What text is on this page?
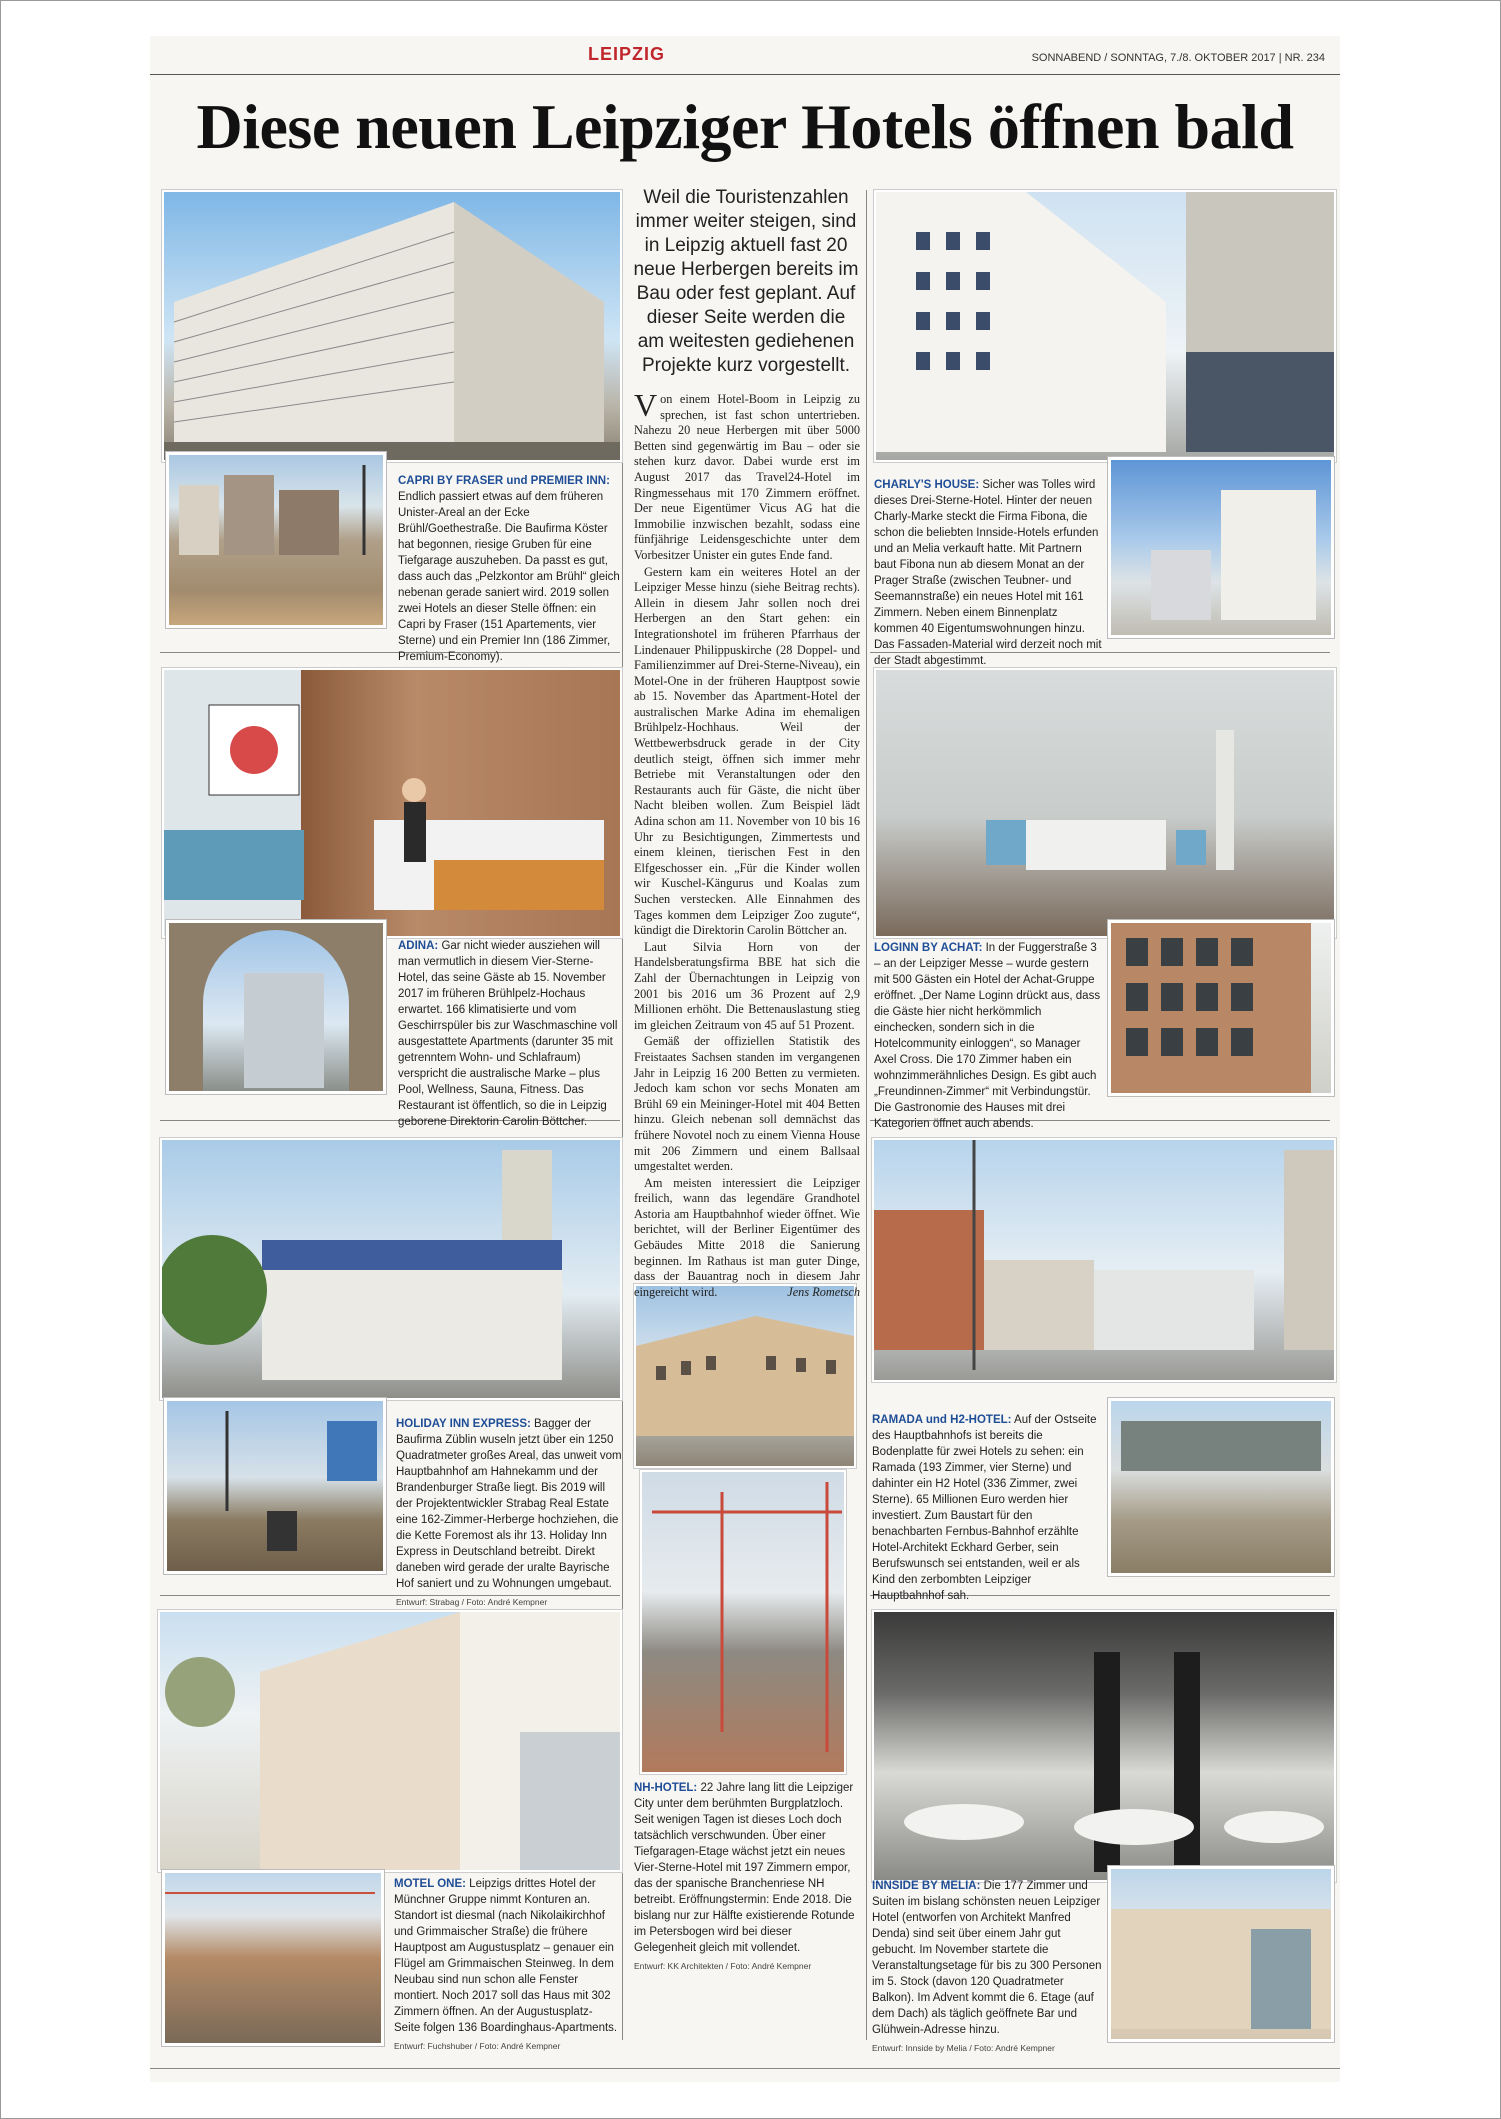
LEIPZIG	SONNABEND / SONNTAG, 7./8. OKTOBER 2017 | NR. 234
Diese neuen Leipziger Hotels öffnen bald
CAPRI BY FRASER und PREMIER INN: Endlich passiert etwas auf dem früheren Unister-Areal an der Ecke Brühl/Goethestraße. Die Baufirma Köster hat begonnen, riesige Gruben für eine Tiefgarage auszuheben. Da passt es gut, dass auch das „Pelzkontor am Brühl“ gleich nebenan gerade saniert wird. 2019 sollen zwei Hotels an dieser Stelle öffnen: ein Capri by Fraser (151 Apartements, vier Sterne) und ein Premier Inn (186 Zimmer, Premium-Economy).
CHARLY'S HOUSE: Sicher was Tolles wird dieses Drei-Sterne-Hotel. Hinter der neuen Charly-Marke steckt die Firma Fibona, die schon die beliebten Innside-Hotels erfunden und an Melia verkauft hatte. Mit Partnern baut Fibona nun ab diesem Monat an der Prager Straße (zwischen Teubner- und Seemannstraße) ein neues Hotel mit 161 Zimmern. Neben einem Binnenplatz kommen 40 Eigentumswohnungen hinzu. Das Fassaden-Material wird derzeit noch mit der Stadt abgestimmt.
ADINA: Gar nicht wieder ausziehen will man vermutlich in diesem Vier-Sterne-Hotel, das seine Gäste ab 15. November 2017 im früheren Brühlpelz-Hochaus erwartet. 166 klimatisierte und vom Geschirrspüler bis zur Waschmaschine voll ausgestattete Apartments (darunter 35 mit getrenntem Wohn- und Schlafraum) verspricht die australische Marke – plus Pool, Wellness, Sauna, Fitness. Das Restaurant ist öffentlich, so die in Leipzig geborene Direktorin Carolin Böttcher.
LOGINN BY ACHAT: In der Fuggerstraße 3 – an der Leipziger Messe – wurde gestern mit 500 Gästen ein Hotel der Achat-Gruppe eröffnet. „Der Name Loginn drückt aus, dass die Gäste hier nicht herkömmlich einchecken, sondern sich in die Hotelcommunity einloggen“, so Manager Axel Cross. Die 170 Zimmer haben ein wohnzimmerähnliches Design. Es gibt auch „Freundinnen-Zimmer“ mit Verbindungstür. Die Gastronomie des Hauses mit drei Kategorien öffnet auch abends.
HOLIDAY INN EXPRESS: Bagger der Baufirma Züblin wuseln jetzt über ein 1250 Quadratmeter großes Areal, das unweit vom Hauptbahnhof am Hahnekamm und der Brandenburger Straße liegt. Bis 2019 will der Projektentwickler Strabag Real Estate eine 162-Zimmer-Herberge hochziehen, die die Kette Foremost als ihr 13. Holiday Inn Express in Deutschland betreibt. Direkt daneben wird gerade der uralte Bayrische Hof saniert und zu Wohnungen umgebaut.
Entwurf: Strabag / Foto: André Kempner
RAMADA und H2-HOTEL: Auf der Ostseite des Hauptbahnhofs ist bereits die Bodenplatte für zwei Hotels zu sehen: ein Ramada (193 Zimmer, vier Sterne) und dahinter ein H2 Hotel (336 Zimmer, zwei Sterne). 65 Millionen Euro werden hier investiert. Zum Baustart für den benachbarten Fernbus-Bahnhof erzählte Hotel-Architekt Eckhard Gerber, sein Berufswunsch sei entstanden, weil er als Kind den zerbombten Leipziger Hauptbahnhof sah.
NH-HOTEL: 22 Jahre lang litt die Leipziger City unter dem berühmten Burgplatzloch. Seit wenigen Tagen ist dieses Loch doch tatsächlich verschwunden. Über einer Tiefgaragen-Etage wächst jetzt ein neues Vier-Sterne-Hotel mit 197 Zimmern empor, das der spanische Branchenriese NH betreibt. Eröffnungstermin: Ende 2018. Die bislang nur zur Hälfte existierende Rotunde im Petersbogen wird bei dieser Gelegenheit gleich mit vollendet.
Entwurf: KK Architekten / Foto: André Kempner
MOTEL ONE: Leipzigs drittes Hotel der Münchner Gruppe nimmt Konturen an. Standort ist diesmal (nach Nikolaikirchhof und Grimmaischer Straße) die frühere Hauptpost am Augustusplatz – genauer ein Flügel am Grimmaischen Steinweg. In dem Neubau sind nun schon alle Fenster montiert. Noch 2017 soll das Haus mit 302 Zimmern öffnen. An der Augustusplatz-Seite folgen 136 Boardinghaus-Apartments.
Entwurf: Fuchshuber / Foto: André Kempner
INNSIDE BY MELIA: Die 177 Zimmer und Suiten im bislang schönsten neuen Leipziger Hotel (entworfen von Architekt Manfred Denda) sind seit über einem Jahr gut gebucht. Im November startete die Veranstaltungsetage für bis zu 300 Personen im 5. Stock (davon 120 Quadratmeter Balkon). Im Advent kommt die 6. Etage (auf dem Dach) als täglich geöffnete Bar und Glühwein-Adresse hinzu.
Entwurf: Innside by Melia / Foto: André Kempner
Weil die Touristenzahlen immer weiter steigen, sind in Leipzig aktuell fast 20 neue Herbergen bereits im Bau oder fest geplant. Auf dieser Seite werden die am weitesten gediehenen Projekte kurz vorgestellt.

Von einem Hotel-Boom in Leipzig zu sprechen, ist fast schon untertrieben. Nahezu 20 neue Herbergen mit über 5000 Betten sind gegenwärtig im Bau – oder sie stehen kurz davor. Dabei wurde erst im August 2017 das Travel24-Hotel im Ringmessehaus mit 170 Zimmern eröffnet. Der neue Eigentümer Vicus AG hat die Immobilie inzwischen bezahlt, sodass eine fünfjährige Leidensgeschichte unter dem Vorbesitzer Unister ein gutes Ende fand.

Gestern kam ein weiteres Hotel an der Leipziger Messe hinzu (siehe Beitrag rechts). Allein in diesem Jahr sollen noch drei Herbergen an den Start gehen: ein Integrationshotel im früheren Pfarrhaus der Lindenauer Philippuskirche (28 Doppel- und Familienzimmer auf Drei-Sterne-Niveau), ein Motel-One in der früheren Hauptpost sowie ab 15. November das Apartment-Hotel der australischen Marke Adina im ehemaligen Brühlpelz-Hochhaus. Weil der Wettbewerbsdruck gerade in der City deutlich steigt, öffnen sich immer mehr Betriebe mit Veranstaltungen oder den Restaurants auch für Gäste, die nicht über Nacht bleiben wollen. Zum Beispiel lädt Adina schon am 11. November von 10 bis 16 Uhr zu Besichtigungen, Zimmertests und einem kleinen, tierischen Fest in den Elfgeschosser ein. „Für die Kinder wollen wir Kuschel-Kängurus und Koalas zum Suchen verstecken. Alle Einnahmen des Tages kommen dem Leipziger Zoo zugute“, kündigt die Direktorin Carolin Böttcher an.

Laut Silvia Horn von der Handelsberatungsfirma BBE hat sich die Zahl der Übernachtungen in Leipzig von 2001 bis 2016 um 36 Prozent auf 2,9 Millionen erhöht. Die Bettenauslastung stieg im gleichen Zeitraum von 45 auf 51 Prozent.

Gemäß der offiziellen Statistik des Freistaates Sachsen standen im vergangenen Jahr in Leipzig 16 200 Betten zu vermieten. Jedoch kam schon vor sechs Monaten am Brühl 69 ein Meininger-Hotel mit 404 Betten hinzu. Gleich nebenan soll demnächst das frühere Novotel noch zu einem Vienna House mit 206 Zimmern und einem Ballsaal umgestaltet werden.

Am meisten interessiert die Leipziger freilich, wann das legendäre Grandhotel Astoria am Hauptbahnhof wieder öffnet. Wie berichtet, will der Berliner Eigentümer des Gebäudes Mitte 2018 die Sanierung beginnen. Im Rathaus ist man guter Dinge, dass der Bauantrag noch in diesem Jahr eingereicht wird.	Jens Rometsch
